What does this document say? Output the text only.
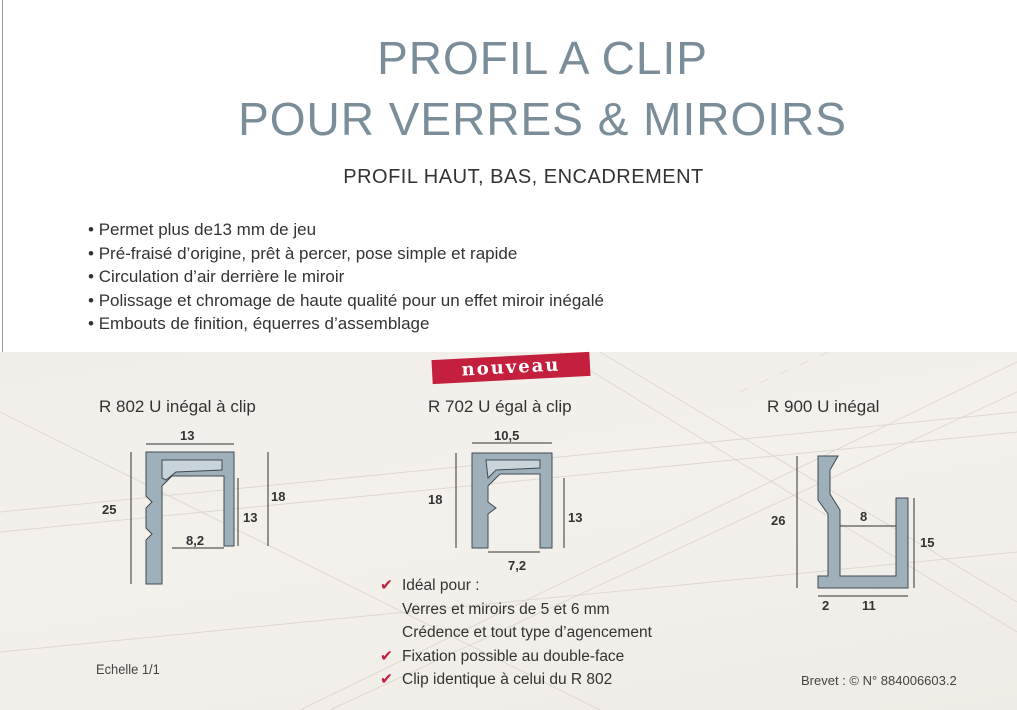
PROFIL A CLIP
POUR VERRES & MIROIRS
PROFIL HAUT, BAS, ENCADREMENT
• Permet plus de13 mm de jeu
• Pré-fraisé d’origine, prêt à percer, pose simple et rapide
• Circulation d’air derrière le miroir
• Polissage et chromage de haute qualité pour un effet miroir inégalé
• Embouts de finition, équerres d’assemblage
nouveau
R 802 U inégal à clip	R 702 U égal à clip	R 900 U inégal
13
25
18
13
8,2
10,5
18
13
7,2
26	8
15
2	11
✔ Idéal pour :
Verres et miroirs de 5 et 6 mm
Crédence et tout type d’agencement
✔ Fixation possible au double-face
✔ Clip identique à celui du R 802
Echelle 1/1
Brevet : © N° 884006603.2
